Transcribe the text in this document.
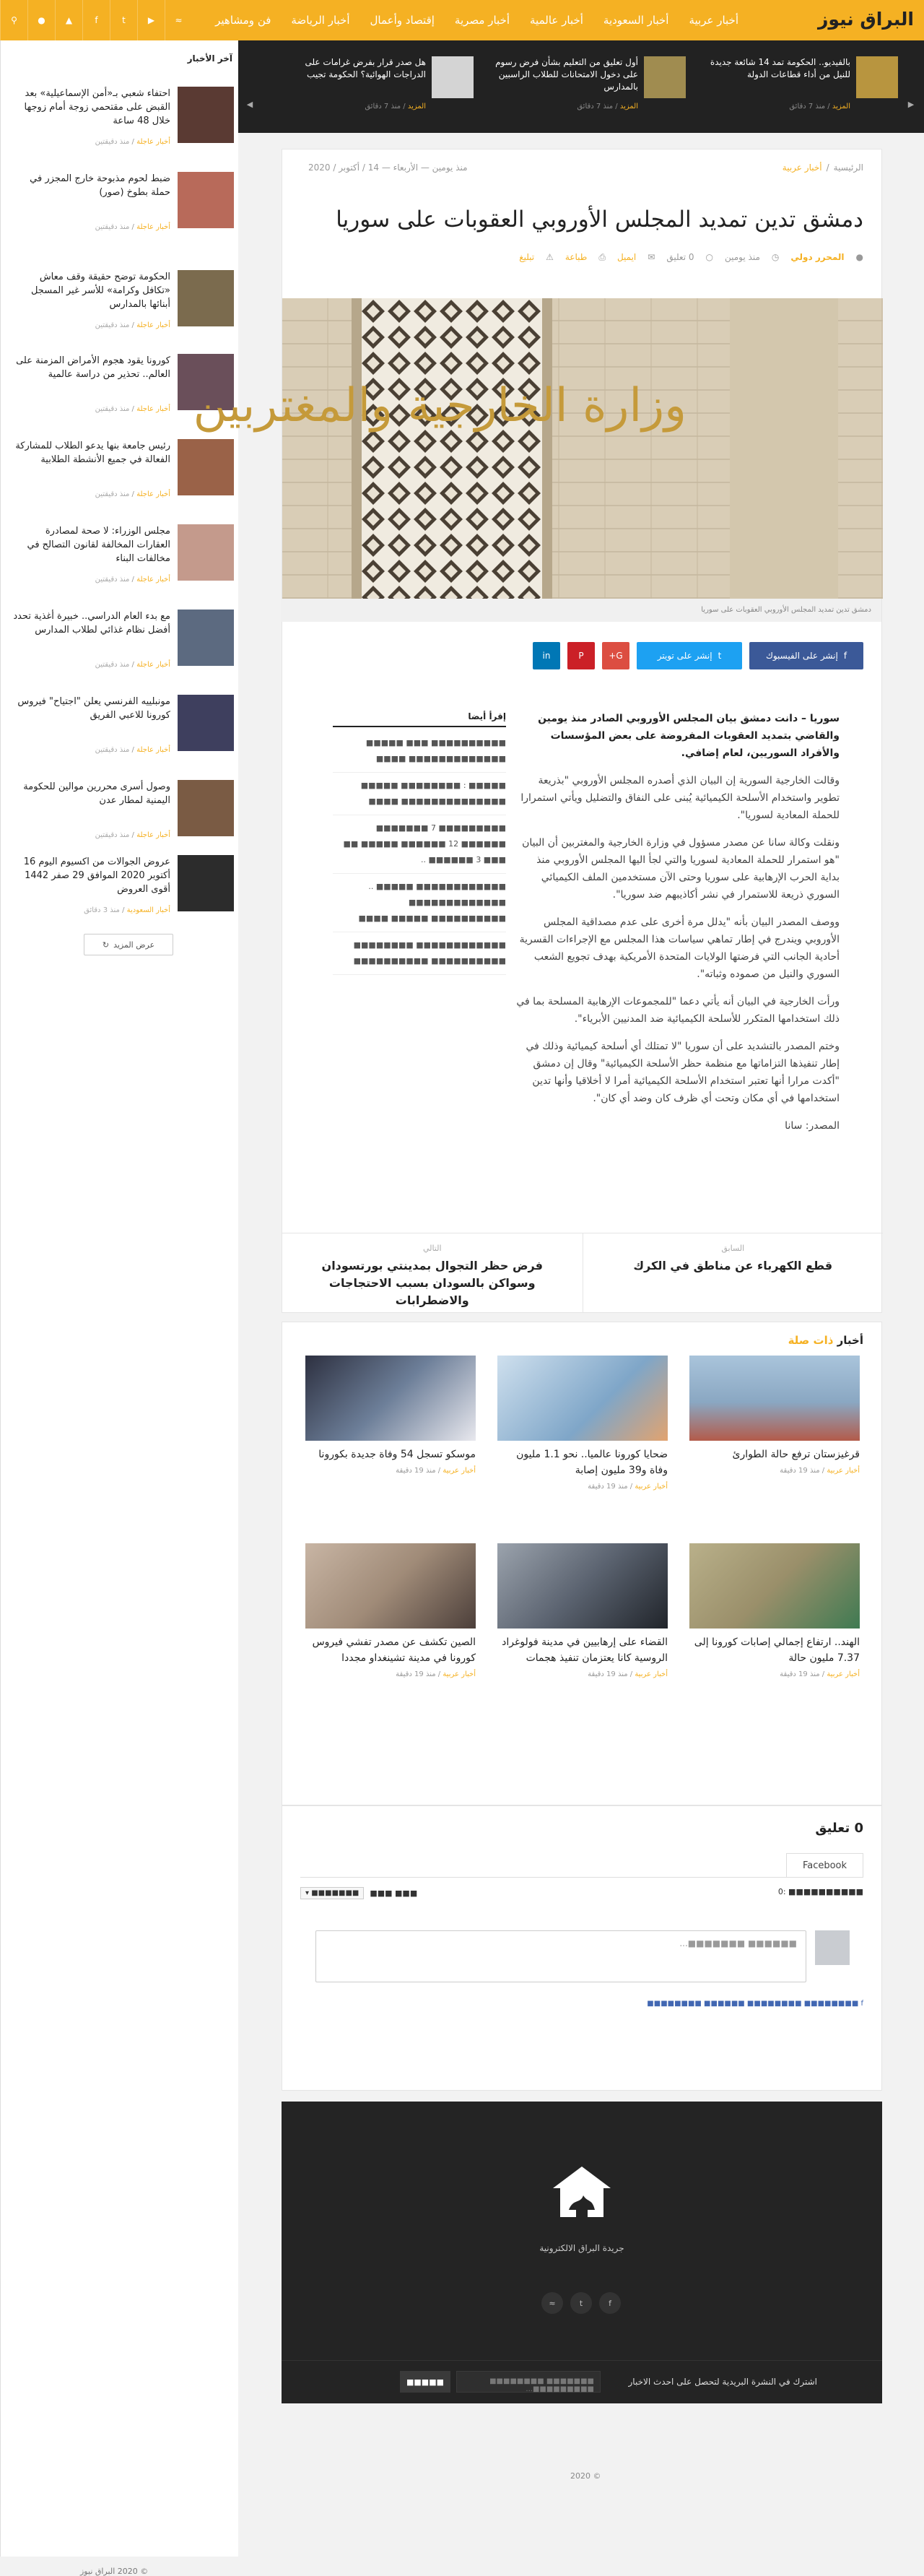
البراق نيوز
أخبار عربية
أخبار السعودية
أخبار عالمية
أخبار مصرية
إقتصاد وأعمال
أخبار الرياضة
فن ومشاهير
⚲	●	▲	f	t	▶	≈
آخر الأخبار
احتفاء شعبي بـ«أمن الإسماعيلية» بعد القبض على مقتحمي زوجة أمام زوجها خلال 48 ساعة
أخبار عاجلة / منذ دقيقتين
ضبط لحوم مذبوحة خارج المجزر في حملة بطوخ (صور)
أخبار عاجلة / منذ دقيقتين
الحكومة توضح حقيقة وقف معاش «تكافل وكرامة» للأسر غير المسجل أبنائها بالمدارس
أخبار عاجلة / منذ دقيقتين
كورونا يقود هجوم الأمراض المزمنة على العالم.. تحذير من دراسة عالمية
أخبار عاجلة / منذ دقيقتين
رئيس جامعة بنها يدعو الطلاب للمشاركة الفعالة في جميع الأنشطة الطلابية
أخبار عاجلة / منذ دقيقتين
مجلس الوزراء: لا صحة لمصادرة العقارات المخالفة لقانون التصالح في مخالفات البناء
أخبار عاجلة / منذ دقيقتين
مع بدء العام الدراسي.. خبيرة أغذية تحدد أفضل نظام غذائي لطلاب المدارس
أخبار عاجلة / منذ دقيقتين
مونبلييه الفرنسي يعلن "اجتياح" فيروس كورونا للاعبي الفريق
أخبار عاجلة / منذ دقيقتين
وصول أسرى محررين موالين للحكومة اليمنية لمطار عدن
أخبار عاجلة / منذ دقيقتين
عروض الجوالات من اكسيوم اليوم 16 أكتوبر 2020 الموافق 29 صفر 1442 أقوى العروض
أخبار السعودية / منذ 3 دقائق
عرض المزيد
↻
© 2020 البراق نيوز
▶
بالفيديو.. الحكومة تمد 14 شائعة جديدة للنيل من أداء قطاعات الدولة
المزيد / منذ 7 دقائق
أول تعليق من التعليم بشأن فرض رسوم على دخول الامتحانات للطلاب الراسبين بالمدارس
المزيد / منذ 7 دقائق
هل صدر قرار بفرض غرامات على الدراجات الهوائية؟ الحكومة تجيب
المزيد / منذ 7 دقائق
◀
الرئيسية
/
أخبار عربية
منذ يومين — الأربعاء — 14 / أكتوبر / 2020
دمشق تدين تمديد المجلس الأوروبي العقوبات على سوريا
●
المحرر دولي
◷
منذ يومين
○
0 تعليق
✉
ايميل
⎙
طباعة
⚠
تبليغ
وزارة الخارجية والمغتربين
دمشق تدين تمديد المجلس الأوروبي العقوبات على سوريا
f
إنشر على الفيسبوك
t
إنشر على تويتر
G+
P
in

سوريا – دانت دمشق بيان المجلس الأوروبي الصادر منذ يومين والقاضي بتمديد العقوبات المفروضة على بعض المؤسسات والأفراد السوريين، لعام إضافي.

وقالت الخارجية السورية إن البيان الذي أصدره المجلس الأوروبي "بذريعة تطوير واستخدام الأسلحة الكيميائية يُبنى على النفاق والتضليل ويأتي استمرارا للحملة المعادية لسوريا".

ونقلت وكالة سانا عن مصدر مسؤول في وزارة الخارجية والمغتربين أن البيان "هو استمرار للحملة المعادية لسوريا والتي لجأ اليها المجلس الأوروبي منذ بداية الحرب الإرهابية على سوريا وحتى الآن مستخدمين الملف الكيميائي السوري ذريعة للاستمرار في نشر أكاذيبهم ضد سوريا".

ووصف المصدر البيان بأنه "يدلل مرة أخرى على عدم مصداقية المجلس الأوروبي ويندرج في إطار تماهي سياسات هذا المجلس مع الإجراءات القسرية أحادية الجانب التي فرضتها الولايات المتحدة الأمريكية بهدف تجويع الشعب السوري والنيل من صموده وثباته".

ورأت الخارجية في البيان أنه يأتي دعما "للمجموعات الإرهابية المسلحة بما في ذلك استخدامها المتكرر للأسلحة الكيميائية ضد المدنيين الأبرياء".

وختم المصدر بالتشديد على أن سوريا "لا تمتلك أي أسلحة كيميائية وذلك في إطار تنفيذها التزاماتها مع منظمة حظر الأسلحة الكيميائية" وقال إن دمشق "أكدت مرارا أنها تعتبر استخدام الأسلحة الكيميائية أمرا لا أخلاقيا وأنها تدين استخدامها في أي مكان وتحت أي ظرف كان وضد أي كان".

المصدر: سانا

إقرأ أيضا
■■■■■■■■■■ ■■■ ■■■■■ ■■■■■■■■■■■■■ ■■■■
■■■■■ : ■■■■■■■■ ■■■■■ ■■■■■■■■■■■■■■ ■■■■
■■■■■■■■■ 7 ■■■■■■■ ■■■■■■ 12 ■■■■■■ ■■■■■ ■■ ■■■ 3 ■■■■■■ ..
■■■■■■■■■■■■ ■■■■■ .. ■■■■■■■■■■■■■ ■■■■■■■■■■ ■■■■■ ■■■■
■■■■■■■■■■■■ ■■■■■■■■ ■■■■■■■■■■ ■■■■■■■■■■
السابق
قطع الكهرباء عن مناطق في الكرك
التالي
فرض حظر التجوال بمدينتي بورتسودان وسواكن بالسودان بسبب الاحتجاجات والاضطرابات
أخبار ذات صلة
قرغيزستان ترفع حالة الطوارئ
أخبار عربية / منذ 19 دقيقة
ضحايا كورونا عالميا.. نحو 1.1 مليون وفاة و39 مليون إصابة
أخبار عربية / منذ 19 دقيقة
موسكو تسجل 54 وفاة جديدة بكورونا
أخبار عربية / منذ 19 دقيقة
الهند.. ارتفاع إجمالي إصابات كورونا إلى 7.37 مليون حالة
أخبار عربية / منذ 19 دقيقة
القضاء على إرهابيين في مدينة فولوغراد الروسية كانا يعتزمان تنفيذ هجمات
أخبار عربية / منذ 19 دقيقة
الصين تكشف عن مصدر تفشي فيروس كورونا في مدينة تشينغداو مجددا
أخبار عربية / منذ 19 دقيقة
0 تعليق
Facebook
■■■■■■■■■■ :0
■■■ ■■■
■■■■■■■ ▾
■■■■■■ ■■■■■■■...
f ■■■■■■■■ ■■■■■■■■ ■■■■■■ ■■■■■■■■
جريدة البراق الالكترونية
≈	t	f
اشترك في النشرة البريدية لتحصل على احدث الاخبار
■■■■■■■ ■■■■■■■■ ■■■■■■■■■...
■■■■■
© 2020
